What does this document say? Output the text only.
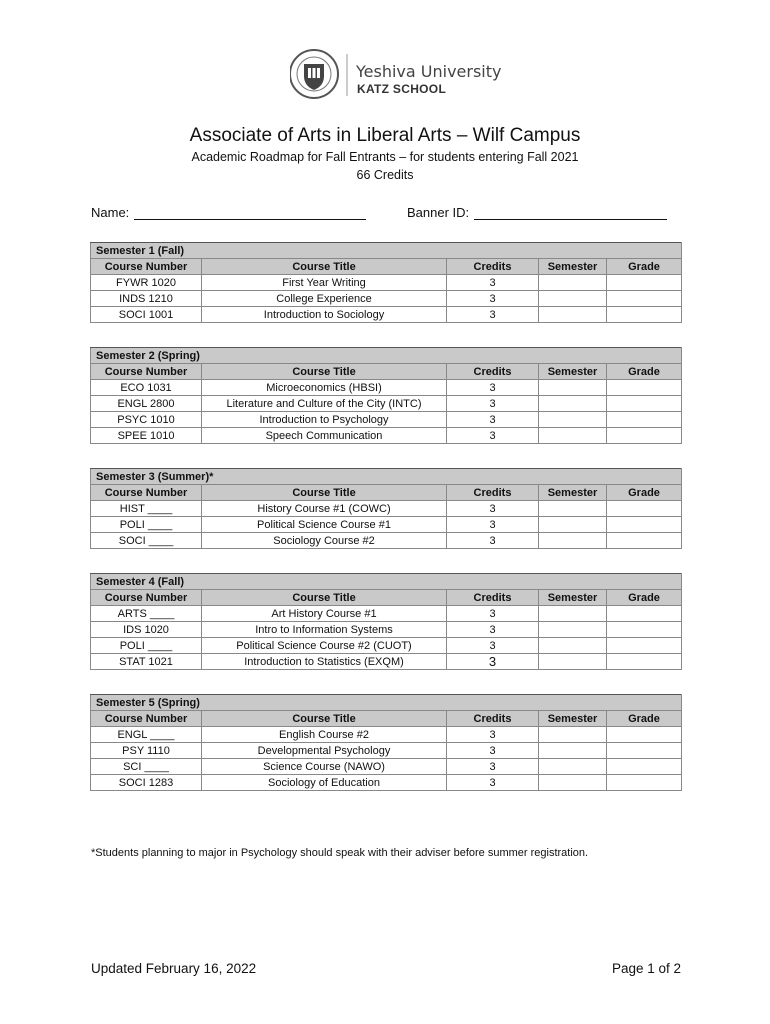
Yeshiva University
KATZ SCHOOL
Associate of Arts in Liberal Arts – Wilf Campus
Academic Roadmap for Fall Entrants – for students entering Fall 2021
66 Credits
Name:	Banner ID:
Semester 1 (Fall)				
Course Number	Course Title	Credits	Semester	Grade
FYWR 1020	First Year Writing	3		
INDS 1210	College Experience	3		
SOCI 1001	Introduction to Sociology	3		
Semester 2 (Spring)				
Course Number	Course Title	Credits	Semester	Grade
ECO 1031	Microeconomics (HBSI)	3		
ENGL 2800	Literature and Culture of the City (INTC)	3		
PSYC 1010	Introduction to Psychology	3		
SPEE 1010	Speech Communication	3		
Semester 3 (Summer)*				
Course Number	Course Title	Credits	Semester	Grade
HIST ____	History Course #1 (COWC)	3		
POLI ____	Political Science Course #1	3		
SOCI ____	Sociology Course #2	3		
Semester 4 (Fall)				
Course Number	Course Title	Credits	Semester	Grade
ARTS ____	Art History Course #1	3		
IDS 1020	Intro to Information Systems	3		
POLI ____	Political Science Course #2 (CUOT)	3		
STAT 1021	Introduction to Statistics (EXQM)	3		
Semester 5 (Spring)				
Course Number	Course Title	Credits	Semester	Grade
ENGL ____	English Course #2	3		
PSY 1110	Developmental Psychology	3		
SCI ____	Science Course (NAWO)	3		
SOCI 1283	Sociology of Education	3		
*Students planning to major in Psychology should speak with their adviser before summer registration.
Updated February 16, 2022	Page 1 of 2
